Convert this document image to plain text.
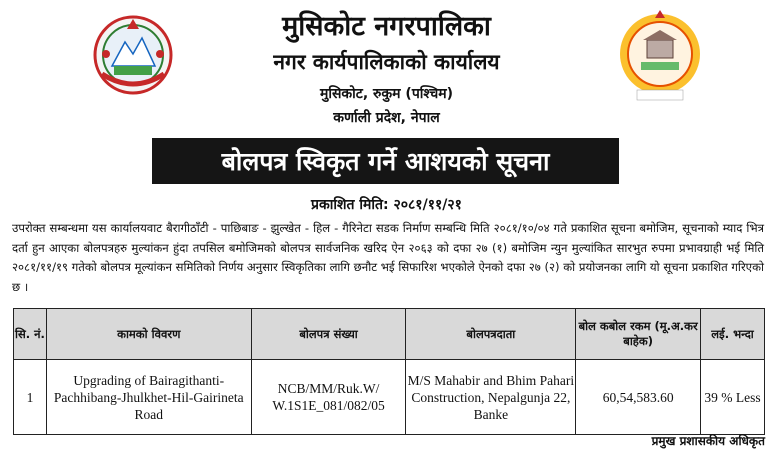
मुसिकोट नगरपालिका
नगर कार्यपालिकाको कार्यालय
मुसिकोट, रुकुम (पश्चिम)
कर्णाली प्रदेश, नेपाल
बोलपत्र स्विकृत गर्ने आशयको सूचना
प्रकाशित मिति: २०८१/११/२१
उपरोक्त सम्बन्धमा यस कार्यालयवाट बैरागीठाँटी - पाछिबाङ - झुल्खेत - हिल - गैरिनेटा सडक निर्माण सम्बन्धि मिति २०८१/१०/०४ गते प्रकाशित सूचना बमोजिम, सूचनाको म्याद भित्र दर्ता हुन आएका बोलपत्रहरु मुल्यांकन हुंदा तपसिल बमोजिमको बोलपत्र सार्वजनिक खरिद ऐन २०६३ को दफा २७ (१) बमोजिम न्युन मुल्यांकित सारभुत रुपमा प्रभावग्राही भई मिति २०८१/११/१९ गतेको बोलपत्र मूल्यांकन समितिको निर्णय अनुसार स्विकृतिका लागि छनौट भई सिफारिश भएकोले ऐनको दफा २७ (२) को प्रयोजनका लागि यो सूचना प्रकाशित गरिएको छ ।
सि. नं.	कामको विवरण	बोलपत्र संख्या	बोलपत्रदाता	बोल कबोल रकम (मू.अ.कर बाहेक)	लई. भन्दा
1	Upgrading of Bairagithanti-Pachhibang-Jhulkhet-Hil-Gairineta Road	NCB/MM/Ruk.W/ W.1S1E_081/082/05	M/S Mahabir and Bhim Pahari Construction, Nepalgunja 22, Banke	60,54,583.60	39 % Less
प्रमुख प्रशासकीय अधिकृत
